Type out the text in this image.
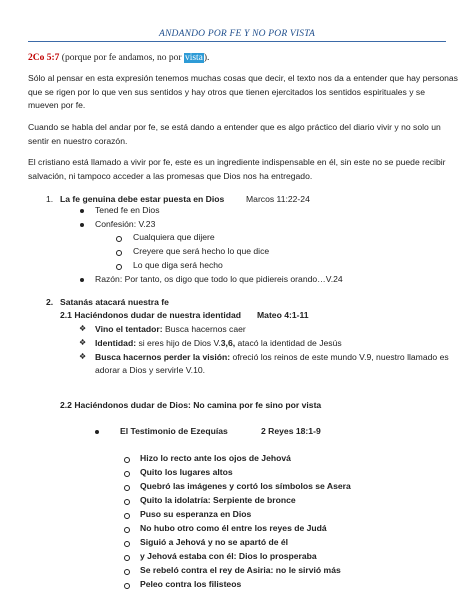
ANDANDO POR FE Y NO POR VISTA
2Co 5:7 (porque por fe andamos, no por vista).
Sólo al pensar en esta expresión tenemos muchas cosas que decir, el texto nos da a entender que hay personas
que se rigen por lo que ven sus sentidos y hay otros que tienen ejercitados los sentidos espirituales y se
mueven por fe.
Cuando se habla del andar por fe, se está dando a entender que es algo práctico del diario vivir y no solo un
sentir en nuestro corazón.
El cristiano está llamado a vivir por fe, este es un ingrediente indispensable en él, sin este no se puede recibir
salvación, ni tampoco acceder a las promesas que Dios nos ha entregado.
1. La fe genuina debe estar puesta en Dios	Marcos 11:22-24
Tened fe en Dios
Confesión: V.23
Cualquiera que dijere
Creyere que será hecho lo que dice
Lo que diga será hecho
Razón: Por tanto, os digo que todo lo que pidiereis orando…V.24
2. Satanás atacará nuestra fe
2.1 Haciéndonos dudar de nuestra identidad Mateo 4:1-11
❖ Vino el tentador: Busca hacernos caer
❖ Identidad: si eres hijo de Dios V.3,6, atacó la identidad de Jesús
❖ Busca hacernos perder la visión: ofreció los reinos de este mundo V.9, nuestro llamado es
adorar a Dios y servirle V.10.
2.2 Haciéndonos dudar de Dios: No camina por fe sino por vista
El Testimonio de Ezequías	2 Reyes 18:1-9
Hizo lo recto ante los ojos de Jehová
Quito los lugares altos
Quebró las imágenes y cortó los símbolos se Asera
Quito la idolatría: Serpiente de bronce
Puso su esperanza en Dios
No hubo otro como él entre los reyes de Judá
Siguió a Jehová y no se apartó de él
y Jehová estaba con él: Dios lo prosperaba
Se rebeló contra el rey de Asiria: no le sirvió más
Peleo contra los filisteos
